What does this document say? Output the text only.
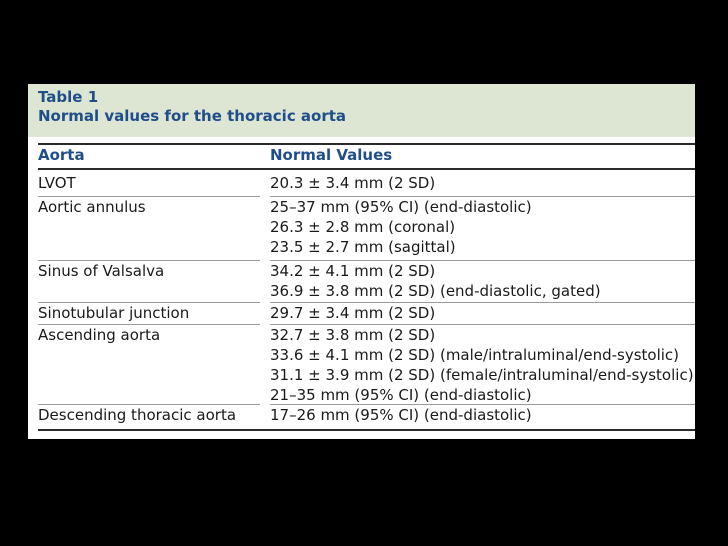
Table 1
Normal values for the thoracic aorta
Aorta	Normal Values
LVOT	20.3 ± 3.4 mm (2 SD)
Aortic annulus	25–37 mm (95% CI) (end-diastolic)
26.3 ± 2.8 mm (coronal)
23.5 ± 2.7 mm (sagittal)
Sinus of Valsalva	34.2 ± 4.1 mm (2 SD)
36.9 ± 3.8 mm (2 SD) (end-diastolic, gated)
Sinotubular junction	29.7 ± 3.4 mm (2 SD)
Ascending aorta	32.7 ± 3.8 mm (2 SD)
33.6 ± 4.1 mm (2 SD) (male/intraluminal/end-systolic)
31.1 ± 3.9 mm (2 SD) (female/intraluminal/end-systolic)
21–35 mm (95% CI) (end-diastolic)
Descending thoracic aorta 17–26 mm (95% CI) (end-diastolic)
